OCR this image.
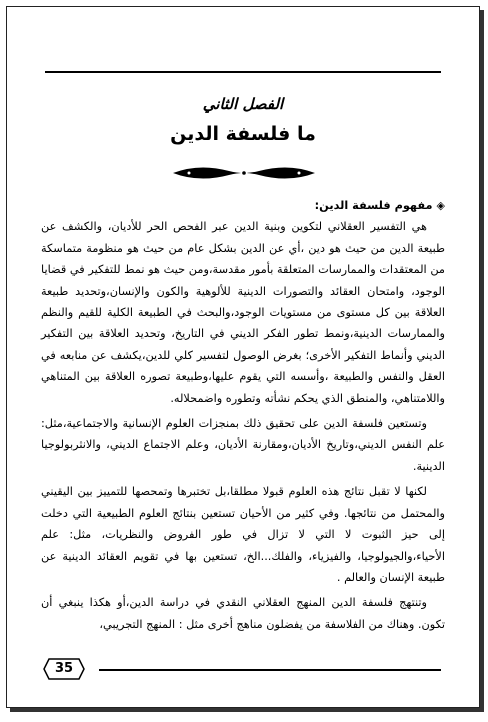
الفصل الثاني
ما فلسفة الدين
◈مفهوم فلسفة الدين:

هي التفسير العقلاني لتكوين وبنية الدين عبر الفحص الحر للأديان، والكشف عن طبيعة الدين من حيث هو دين ،أي عن الدين بشكل عام من حيث هو منظومة متماسكة من المعتقدات والممارسات المتعلقة بأمور مقدسة،ومن حيث هو نمط للتفكير في قضايا الوجود، وامتحان العقائد والتصورات الدينية للألوهية والكون والإنسان،وتحديد طبيعة العلاقة بين كل مستوى من مستويات الوجود،والبحث في الطبيعة الكلية للقيم والنظم والممارسات الدينية،ونمط تطور الفكر الديني في التاريخ، وتحديد العلاقة بين التفكير الديني وأنماط التفكير الأخرى؛ بغرض الوصول لتفسير كلي للدين،يكشف عن منابعه في العقل والنفس والطبيعة ،وأسسه التي يقوم عليها،وطبيعة تصوره العلاقة بين المتناهي واللامتناهي، والمنطق الذي يحكم نشأته وتطوره واضمحلاله.

وتستعين فلسفة الدين على تحقيق ذلك بمنجزات العلوم الإنسانية والاجتماعية،مثل: علم النفس الديني،وتاريخ الأديان،ومقارنة الأديان، وعلم الاجتماع الديني، والانثربولوجيا الدينية.

لكنها لا تقبل نتائج هذه العلوم قبولا مطلقا،بل تختبرها وتمحصها للتمييز بين اليقيني والمحتمل من نتائجها. وفي كثير من الأحيان تستعين بنتائج العلوم الطبيعية التي دخلت إلى حيز الثبوت لا التي لا تزال في طور الفروض والنظريات، مثل: علم الأحياء،والجيولوجيا، والفيزياء، والفلك...الخ، تستعين بها في تقويم العقائد الدينية عن طبيعة الإنسان والعالم .

وتنتهج فلسفة الدين المنهج العقلاني النقدي في دراسة الدين،أو هكذا ينبغي أن تكون. وهناك من الفلاسفة من يفضلون مناهج أخرى مثل : المنهج التجريبي،

35
